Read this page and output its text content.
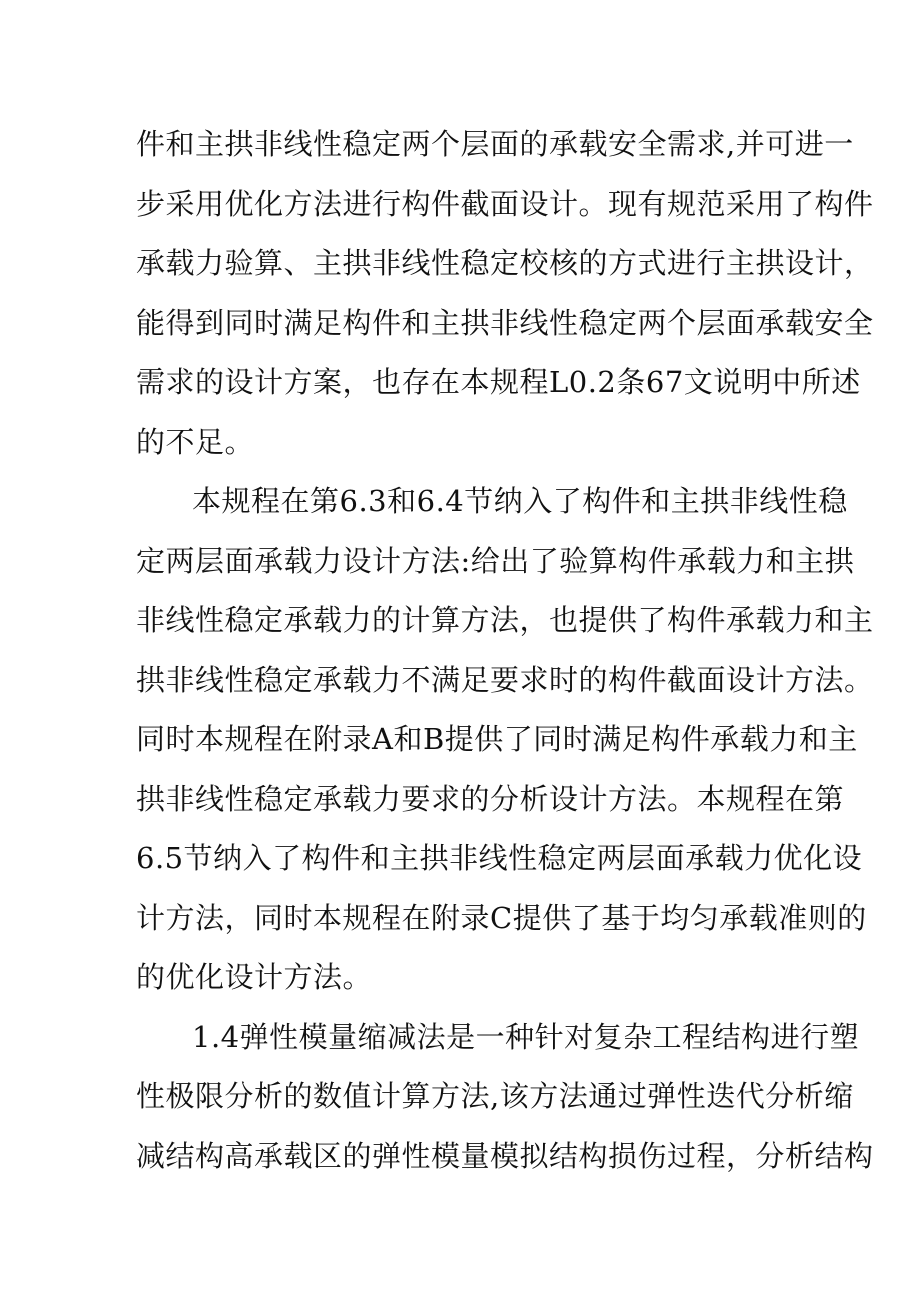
件和主拱非线性稳定两个层面的承载安全需求,并可进一
步采用优化方法进行构件截面设计。现有规范采用了构件
承载力验算、主拱非线性稳定校核的方式进行主拱设计，
能得到同时满足构件和主拱非线性稳定两个层面承载安全
需求的设计方案，也存在本规程L0.2条67文说明中所述
的不足。
本规程在第6.3和6.4节纳入了构件和主拱非线性稳
定两层面承载力设计方法:给出了验算构件承载力和主拱
非线性稳定承载力的计算方法，也提供了构件承载力和主
拱非线性稳定承载力不满足要求时的构件截面设计方法。
同时本规程在附录A和B提供了同时满足构件承载力和主
拱非线性稳定承载力要求的分析设计方法。本规程在第
6.5节纳入了构件和主拱非线性稳定两层面承载力优化设
计方法，同时本规程在附录C提供了基于均匀承载准则的
的优化设计方法。
1.4弹性模量缩减法是一种针对复杂工程结构进行塑
性极限分析的数值计算方法,该方法通过弹性迭代分析缩
减结构高承载区的弹性模量模拟结构损伤过程，分析结构
